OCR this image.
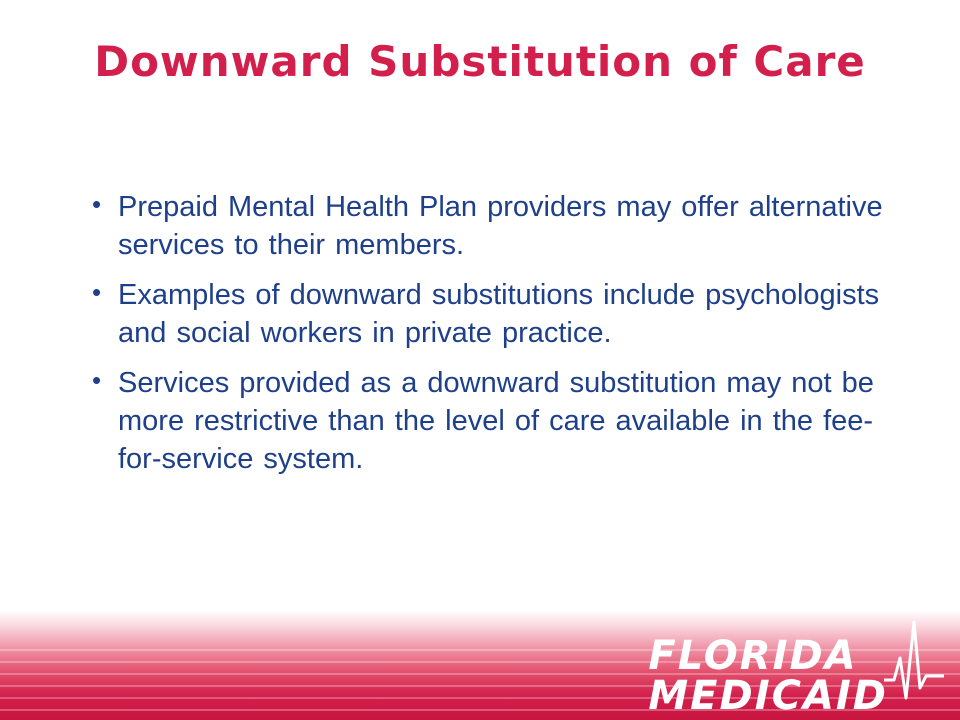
Downward Substitution of Care
• Prepaid Mental Health Plan providers may offer alternative services to their members.
• Examples of downward substitutions include psychologists and social workers in private practice.
• Services provided as a downward substitution may not be more restrictive than the level of care available in the fee-for-service system.
FLORIDA
MEDICAID
